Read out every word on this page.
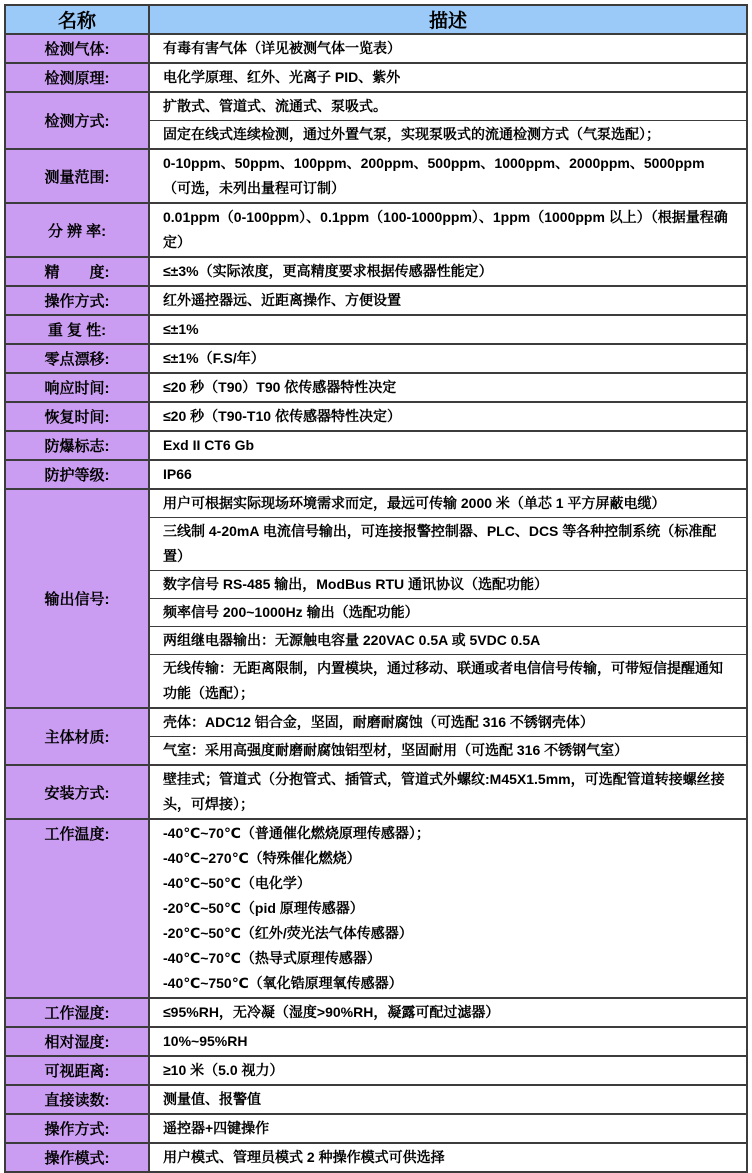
名称	描述
检测气体:	有毒有害气体（详见被测气体一览表）

检测原理:	电化学原理、红外、光离子 PID、紫外

检测方式:	扩散式、管道式、流通式、泵吸式。

	固定在线式连续检测，通过外置气泵，实现泵吸式的流通检测方式（气泵选配）；

测量范围:	0-10ppm、50ppm、100ppm、200ppm、500ppm、1000ppm、2000ppm、5000ppm
（可选，未列出量程可订制）

分 辨 率:	0.01ppm（0-100ppm）、0.1ppm（100-1000ppm）、1ppm（1000ppm 以上）（根据量程确定）

精　　度:	≤±3%（实际浓度，更高精度要求根据传感器性能定）

操作方式:	红外遥控器远、近距离操作、方便设置

重 复 性:	≤±1%

零点漂移:	≤±1%（F.S/年）

响应时间:	≤20 秒（T90）T90 依传感器特性决定

恢复时间:	≤20 秒（T90-T10 依传感器特性决定）

防爆标志:	Exd II CT6 Gb

防护等级:	IP66

输出信号:	用户可根据实际现场环境需求而定，最远可传输 2000 米（单芯 1 平方屏蔽电缆）

	三线制 4-20mA 电流信号输出，可连接报警控制器、PLC、DCS 等各种控制系统（标准配置）

	数字信号 RS-485 输出，ModBus RTU 通讯协议（选配功能）

	频率信号 200~1000Hz 输出（选配功能）

	两组继电器输出：无源触电容量 220VAC 0.5A 或 5VDC 0.5A

	无线传输：无距离限制，内置模块，通过移动、联通或者电信信号传输，可带短信提醒通知功能（选配）；

主体材质:	壳体：ADC12 铝合金，坚固，耐磨耐腐蚀（可选配 316 不锈钢壳体）

	气室：采用高强度耐磨耐腐蚀铝型材，坚固耐用（可选配 316 不锈钢气室）

安装方式:	壁挂式；管道式（分抱管式、插管式，管道式外螺纹:M45X1.5mm，可选配管道转接螺丝接头，可焊接）；

工作温度:	-40℃~70℃（普通催化燃烧原理传感器）；
-40℃~270℃（特殊催化燃烧）
-40℃~50℃（电化学）
-20℃~50℃（pid 原理传感器）
-20℃~50℃（红外/荧光法气体传感器）
-40℃~70℃（热导式原理传感器）
-40℃~750℃（氧化锆原理氧传感器）

工作湿度:	≤95%RH，无冷凝（湿度>90%RH，凝露可配过滤器）

相对湿度:	10%~95%RH

可视距离:	≥10 米（5.0 视力）

直接读数:	测量值、报警值

操作方式:	遥控器+四键操作

操作模式:	用户模式、管理员模式 2 种操作模式可供选择
